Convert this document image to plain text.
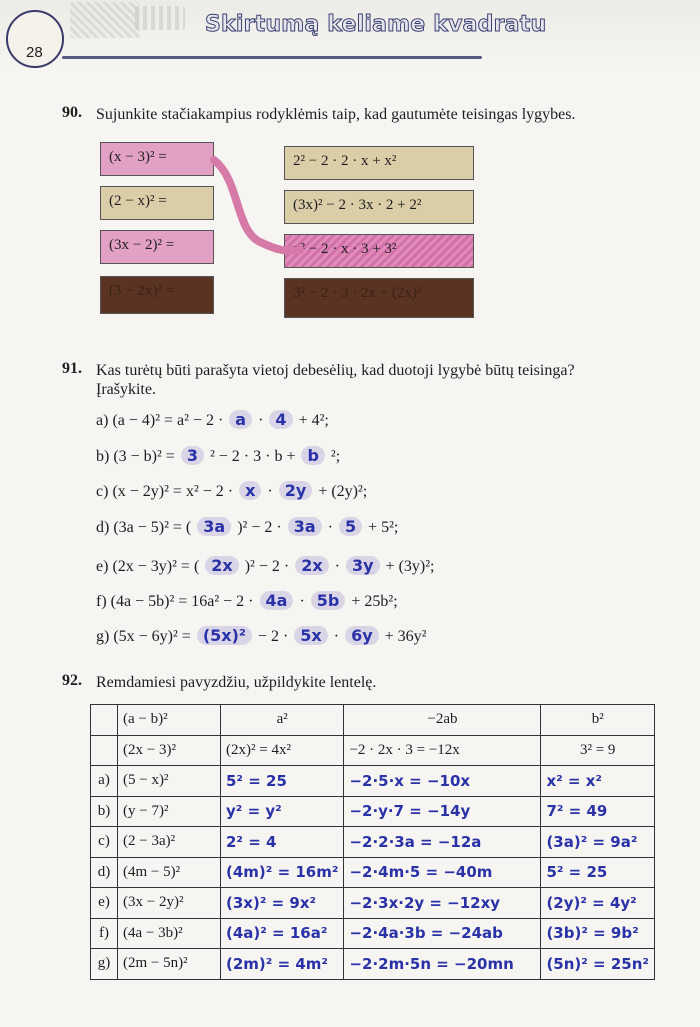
28
Skirtumą keliame kvadratu
90. Sujunkite stačiakampius rodyklėmis taip, kad gautumėte teisingas lygybes.
(x − 3)² =
(2 − x)² =
(3x − 2)² =
(3 − 2x)² =
2² − 2 · 2 · x + x²
(3x)² − 2 · 3x · 2 + 2²
x² − 2 · x · 3 + 3²
3² − 2 · 3 · 2x + (2x)²
91. Kas turėtų būti parašyta vietoj debesėlių, kad duotoji lygybė būtų teisinga?
Įrašykite.
a) (a − 4)² = a² − 2 · a · 4 + 4²;
b) (3 − b)² = 3 ² − 2 · 3 · b + b ²;
c) (x − 2y)² = x² − 2 · x · 2y + (2y)²;
d) (3a − 5)² = ( 3a )² − 2 · 3a · 5 + 5²;
e) (2x − 3y)² = ( 2x )² − 2 · 2x · 3y + (3y)²;
f) (4a − 5b)² = 16a² − 2 · 4a · 5b + 25b²;
g) (5x − 6y)² = (5x)² − 2 · 5x · 6y + 36y²
92. Remdamiesi pavyzdžiu, užpildykite lentelę.
	(a − b)²	a²	−2ab	b²
	(2x − 3)²	(2x)² = 4x²	−2 · 2x · 3 = −12x	3² = 9
a)	(5 − x)²	5² = 25	−2·5·x = −10x	x² = x²
b)	(y − 7)²	y² = y²	−2·y·7 = −14y	7² = 49
c)	(2 − 3a)²	2² = 4	−2·2·3a = −12a	(3a)² = 9a²
d)	(4m − 5)²	(4m)² = 16m²	−2·4m·5 = −40m	5² = 25
e)	(3x − 2y)²	(3x)² = 9x²	−2·3x·2y = −12xy	(2y)² = 4y²
f)	(4a − 3b)²	(4a)² = 16a²	−2·4a·3b = −24ab	(3b)² = 9b²
g)	(2m − 5n)²	(2m)² = 4m²	−2·2m·5n = −20mn	(5n)² = 25n²
